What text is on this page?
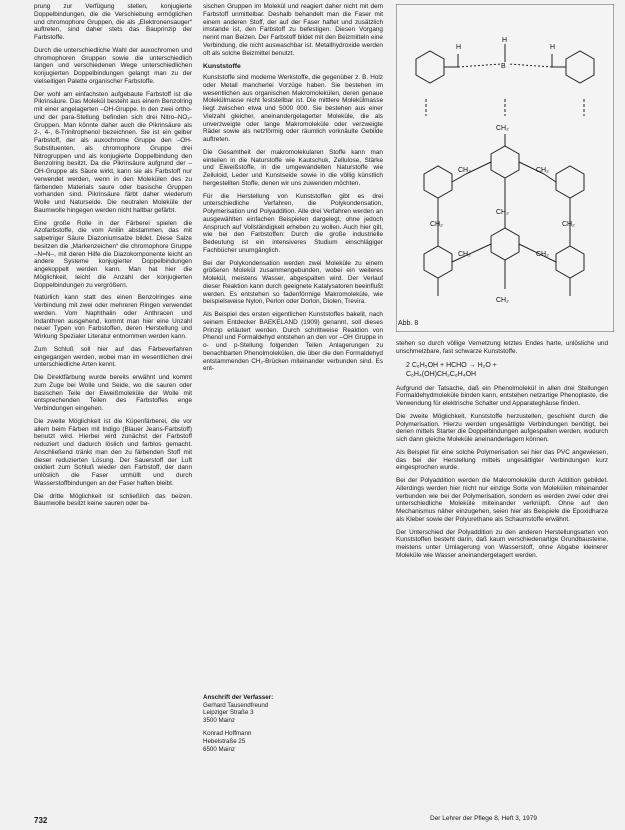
prung zur Verfügung stellen, konjugierte Doppelbindungen, die die Verschiebung ermöglichen und chromophore Gruppen, die als „Elektronensauger“ auftreten, sind daher stets das Bauprinzip der Farbstoffe.

Durch die unterschiedliche Wahl der auxochromen und chromophoren Gruppen sowie die unterschiedlich langen und verschiedenen Wege unterschiedlichen konjugierten Doppelbindungen gelangt man zu der vielseitigen Palette organischer Farbstoffe.

Der wohl am einfachsten aufgebaute Farbstoff ist die Pikrinsäure. Das Molekül besteht aus einem Benzolring mit einer angelagerten –OH-Gruppe. In den zwei ortho- und der para-Stellung befinden sich drei Nitro–NO₂-Gruppen. Man könnte daher auch die Pikrinsäure als 2-, 4-, 6-Trinitrophenol bezeichnen. Sie ist ein gelber Farbstoff, der als auxochrome Gruppe den –OH-Substituenten, als chromophore Gruppe drei Nitrogruppen und als konjugierte Doppelbindung den Benzolring besitzt. Da die Pikrinsäure aufgrund der –OH-Gruppe als Säure wirkt, kann sie als Farbstoff nur verwendet werden, wenn in den Molekülen des zu färbenden Materials saure oder basische Gruppen vorhanden sind. Pikrinsäure färbt daher wiederum Wolle und Naturseide. Die neutralen Moleküle der Baumwolle hingegen werden nicht haltbar gefärbt.

Eine große Rolle in der Färberei spielen die Azofarbstoffe, die vom Anilin abstammen, das mit salpetriger Säure Diazoniumsalze bildet. Diese Salze besitzen die „Markenzeichen“ die chromophore Gruppe –N=N–, mit deren Hilfe die Diazokomponente leicht an andere Systeme konjugierter Doppelbindungen angekoppelt werden kann. Man hat hier die Möglichkeit, leicht die Anzahl der konjugierten Doppelbindungen zu vergrößern.

Natürlich kann statt des einen Benzolringes eine Verbindung mit zwei oder mehreren Ringen verwendet werden. Vom Naphthalin oder Anthracen und Indanthren ausgehend, kommt man hier eine Unzahl neuer Typen von Farbstoffen, deren Herstellung und Wirkung Spezialer Literatur entnommen werden kann.

Zum Schluß soll hier auf das Färbeverfahren eingegangen werden, wobei man im wesentlichen drei unterschiedliche Arten kennt.

Die Direktfärbung wurde bereits erwähnt und kommt zum Zuge bei Wolle und Seide, wo die sauren oder basischen Teile der Eiweißmoleküle der Wolle mit entsprechenden Teilen des Farbstoffes enge Verbindungen eingehen.

Die zweite Möglichkeit ist die Küpenfärberei, die vor allem beim Färben mit Indigo (Blauer Jeans-Farbstoff) benutzt wird. Hierbei wird zunächst der Farbstoff reduziert und dadurch löslich und farblos gemacht. Anschließend tränkt man den zu färbenden Stoff mit dieser reduzierten Lösung. Der Sauerstoff der Luft oxidiert zum Schluß wieder den Farbstoff, der dann unlöslich die Faser umhüllt und durch Wasserstoffbindungen an der Faser haften bleibt.

Die dritte Möglichkeit ist schließlich das beizen. Baumwolle besitzt keine sauren oder ba-

sischen Gruppen im Molekül und reagiert daher nicht mit dem Farbstoff unmittelbar. Deshalb behandelt man die Faser mit einem anderen Stoff, der auf der Faser haftet und zusätzlich imstande ist, den Farbstoff zu befestigen. Diesen Vorgang nennt man Beizen. Der Farbstoff bildet mit den Beizmitteln eine Verbindung, die nicht auswaschbar ist. Metallhydroxide werden oft als solche Beizmittel benutzt.

Kunststoffe

Kunststoffe sind moderne Werkstoffe, die gegenüber z. B. Holz oder Metall mancherlei Vorzüge haben. Sie bestehen im wesentlichen aus organischen Makromolekülen, deren genaue Molekülmasse nicht feststellbar ist. Die mittlere Molekülmasse liegt zwischen etwa und 5000 000. Sie bestehen aus einer Vielzahl gleicher, aneinandergelagerter Moleküle, die als unverzweigte oder lange Makromoleküle oder verzweigte Räder sowie als netzförmig oder räumlich vorknäulte Gebilde auftreten.

Die Gesamtheit der makromolekularen Stoffe kann man einteilen in die Naturstoffe wie Kautschuk, Zellulose, Stärke und Eiweißstoffe, in die umgewandelten Naturstoffe wie Zelluloid, Leder und Kunstseide sowie in die völlig künstlich hergestellten Stoffe, denen wir uns zuwenden möchten.

Für die Herstellung von Kunststoffen gibt es drei unterschiedliche Verfahren, die Polykondensation, Polymerisation und Polyaddition. Alle drei Verfahren werden an ausgewählten einfachen Beispielen dargelegt, ohne jedoch Anspruch auf Vollständigkeit erheben zu wollen. Auch hier gilt, wie bei den Farbstoffen: Durch die große industrielle Bedeutung ist ein intensiveres Studium einschlägiger Fachbücher unumgänglich.

Bei der Polykondensation werden zwei Moleküle zu einem größeren Molekül zusammengebunden, wobei ein weiteres Molekül, meistens Wasser, abgespalten wird. Der Verlauf dieser Reaktion kann durch geeignete Katalysatoren beeinflußt werden. Es entstehen so fadenförmige Makromoleküle, wie beispielsweise Nylon, Perlon oder Dorlon, Diolen, Trevira.

Als Beispiel des ersten eigentlichen Kunststoffes bakelit, nach seinem Entdecker BAEKELAND (1909) genannt, soll dieses Prinzip erläutert werden. Durch schrittweise Reaktion von Phenol und Formaldehyd entstehen an den vor –OH Gruppe in o- und p-Stellung folgenden Teilen Anlagerungen zu benachbarten Phenolmolekülen, die über die den Formaldehyd entstammenden CH₂-Brücken miteinander verbunden sind. Es ent-

Anschrift der Verfasser:
Gerhard Tausendfreund
Leipziger Straße 3
3500 Mainz
Konrad Hoffmann
Hebelstraße 25
6500 Mainz
H	H
H
B
CH₂
CH₂	CH₂
CH₂
CH₂	CH₂
CH₂	CH₂
CH₂
Abb. 8

stehen so durch völlige Vernetzung letztes Endes harte, unlösliche und unschmelzbare, fast schwarze Kunststoffe.

2 C₆H₅OH + HCHO → H₂O +
C₆H₄(OH)CH₂C₆H₄OH

Aufgrund der Tatsache, daß ein Phenolmolekül in allen drei Stellungen Formaldehydmoleküle binden kann, entstehen netzartige Phenoplaste, die Verwendung für elektrische Schalter und Apparateghäuse finden.

Die zweite Möglichkeit, Kunststoffe herzustellen, geschieht durch die Polymerisation. Hierzu werden ungesättigte Verbindungen benötigt, bei denen mittels Starter die Doppelbindungen aufgespalten werden, wodurch sich dann gleiche Moleküle aneinanderlagern können.

Als Beispiel für eine solche Polymerisation sei hier das PVC angewiesen, das bei der Herstellung mittels ungesättigter Verbindungen kurz eingesprochen wurde.

Bei der Polyaddition werden die Makromoleküle durch Addition gebildet. Allerdings werden hier nicht nur einzige Sorte von Molekülen miteinander verbunden wie bei der Polymerisation, sondern es werden zwei oder drei unterschiedliche Moleküle miteinander verknüpft. Ohne auf den Mechanismus näher einzugehen, seien hier als Beispiele die Epoxidharze als Kleber sowie der Polyurethane als Schaumstoffe erwähnt.

Der Unterschied der Polyaddition zu den anderen Herstellungsarten von Kunststoffen besteht darin, daß kaum verschiedenartige Grundbausteine, meistens unter Umlagerung von Wasserstoff, ohne Abgabe kleinerer Moleküle wie Wasser aneinandergelagert werden.

732	Der Lehrer der Pflege 8, Heft 3, 1979
